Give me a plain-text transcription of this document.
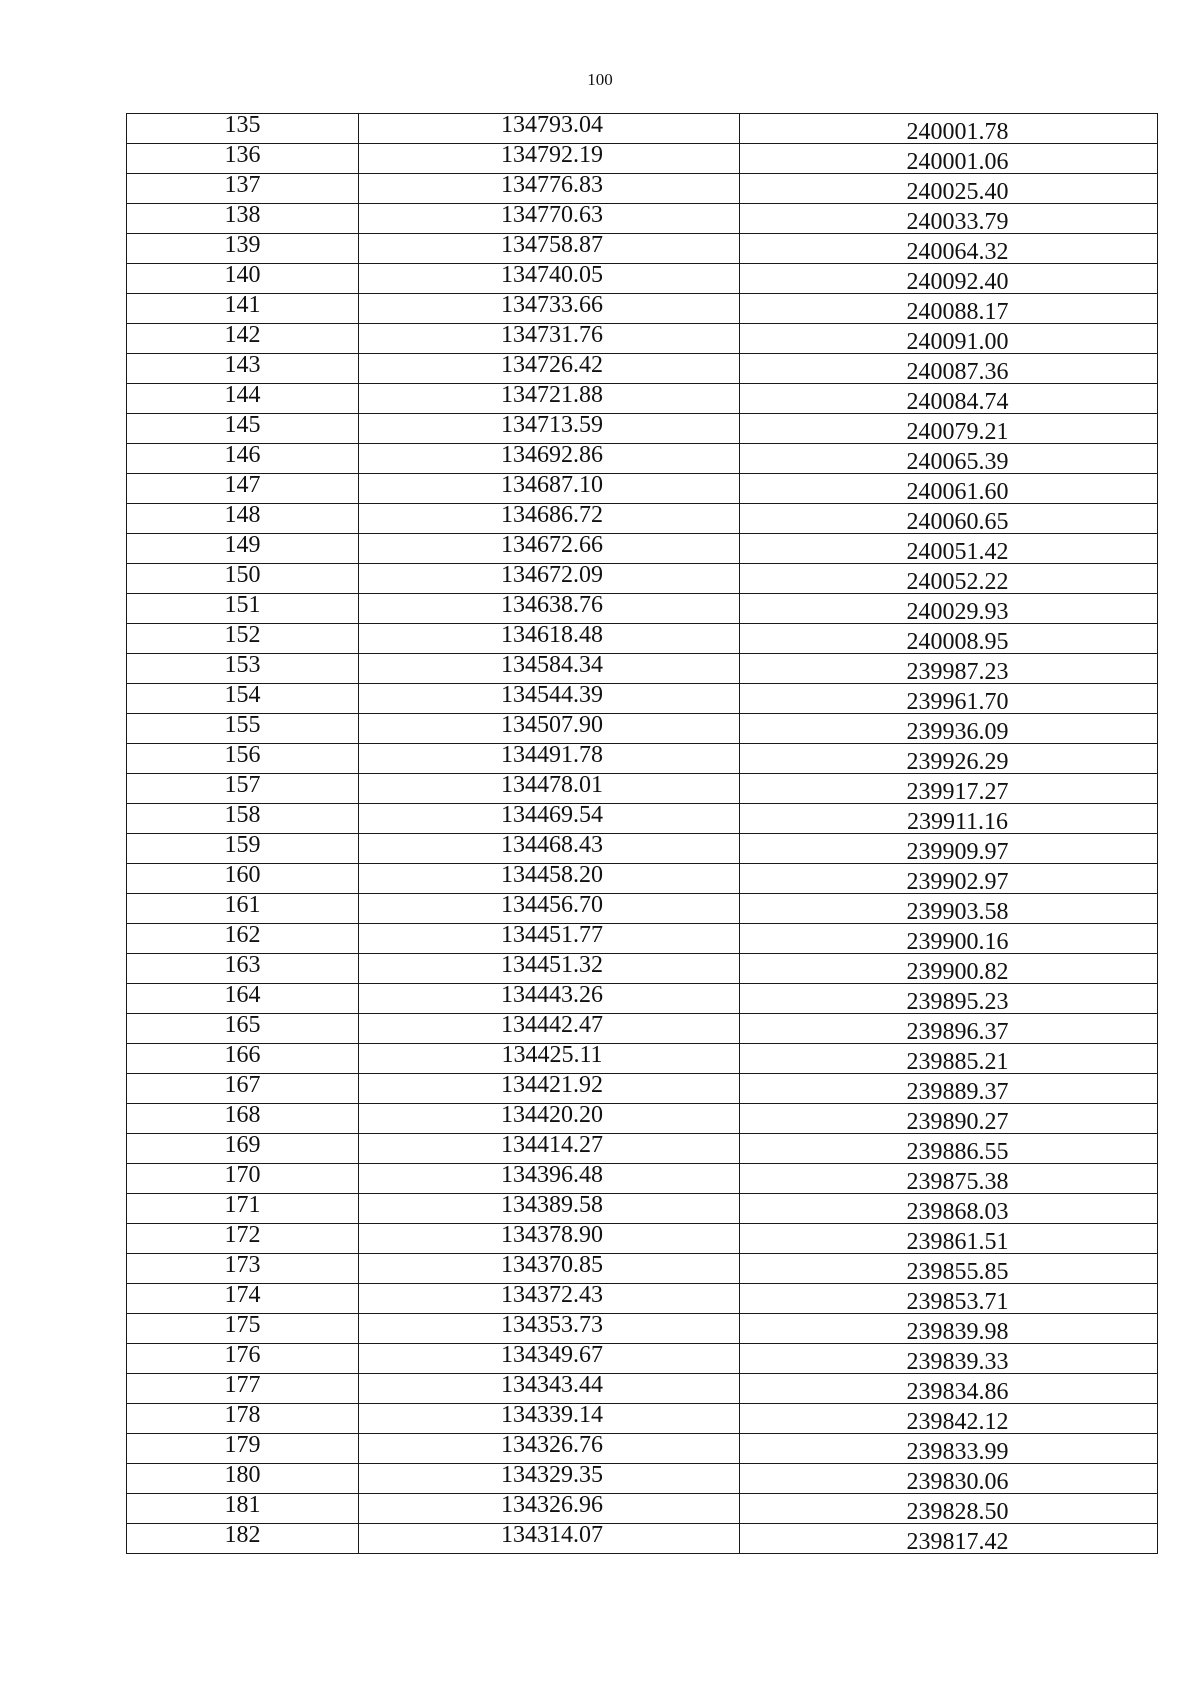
100
135	134793.04	240001.78
136	134792.19	240001.06
137	134776.83	240025.40
138	134770.63	240033.79
139	134758.87	240064.32
140	134740.05	240092.40
141	134733.66	240088.17
142	134731.76	240091.00
143	134726.42	240087.36
144	134721.88	240084.74
145	134713.59	240079.21
146	134692.86	240065.39
147	134687.10	240061.60
148	134686.72	240060.65
149	134672.66	240051.42
150	134672.09	240052.22
151	134638.76	240029.93
152	134618.48	240008.95
153	134584.34	239987.23
154	134544.39	239961.70
155	134507.90	239936.09
156	134491.78	239926.29
157	134478.01	239917.27
158	134469.54	239911.16
159	134468.43	239909.97
160	134458.20	239902.97
161	134456.70	239903.58
162	134451.77	239900.16
163	134451.32	239900.82
164	134443.26	239895.23
165	134442.47	239896.37
166	134425.11	239885.21
167	134421.92	239889.37
168	134420.20	239890.27
169	134414.27	239886.55
170	134396.48	239875.38
171	134389.58	239868.03
172	134378.90	239861.51
173	134370.85	239855.85
174	134372.43	239853.71
175	134353.73	239839.98
176	134349.67	239839.33
177	134343.44	239834.86
178	134339.14	239842.12
179	134326.76	239833.99
180	134329.35	239830.06
181	134326.96	239828.50
182	134314.07	239817.42
